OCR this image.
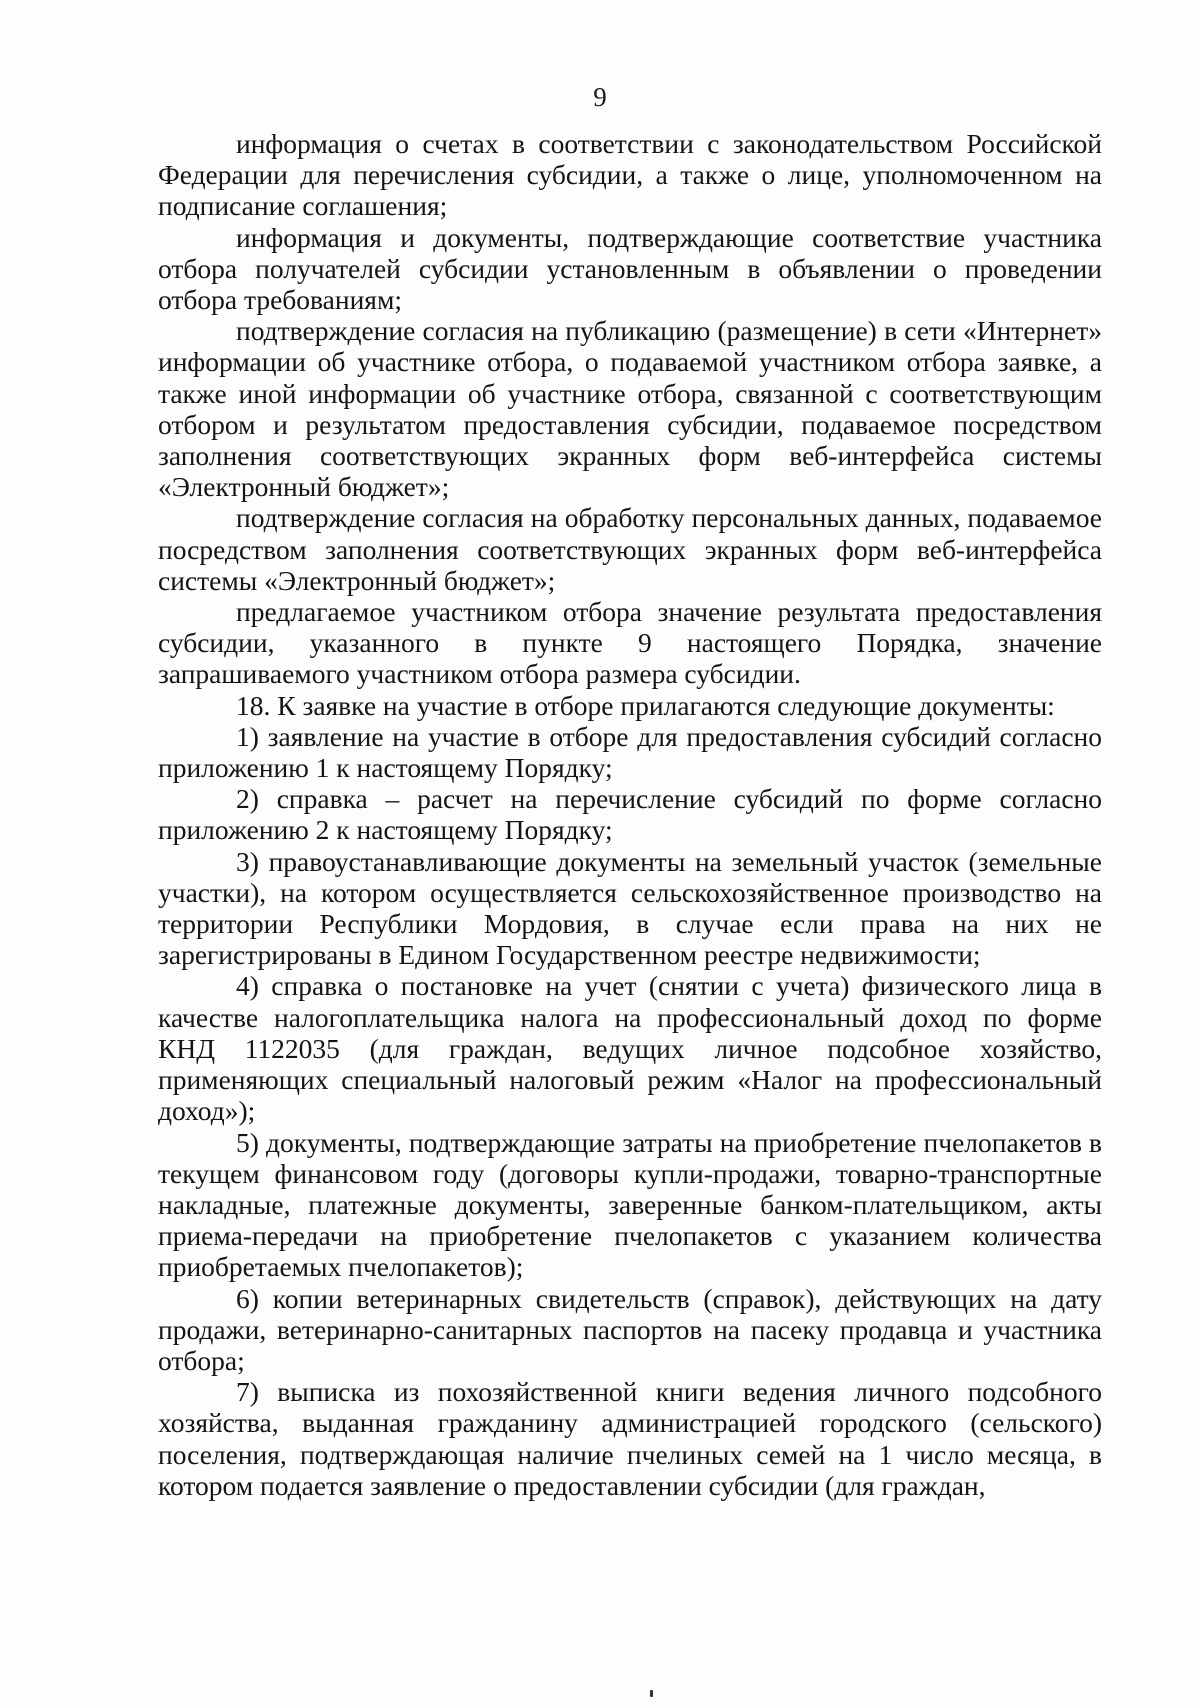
9

информация о счетах в соответствии с законодательством Российской Федерации для перечисления субсидии, а также о лице, уполномоченном на подписание соглашения;

информация и документы, подтверждающие соответствие участника отбора получателей субсидии установленным в объявлении о проведении отбора требованиям;

подтверждение согласия на публикацию (размещение) в сети «Интернет» информации об участнике отбора, о подаваемой участником отбора заявке, а также иной информации об участнике отбора, связанной с соответствующим отбором и результатом предоставления субсидии, подаваемое посредством заполнения соответствующих экранных форм веб-интерфейса системы «Электронный бюджет»;

подтверждение согласия на обработку персональных данных, подаваемое посредством заполнения соответствующих экранных форм веб-интерфейса системы «Электронный бюджет»;

предлагаемое участником отбора значение результата предоставления субсидии, указанного в пункте 9 настоящего Порядка, значение запрашиваемого участником отбора размера субсидии.

18. К заявке на участие в отборе прилагаются следующие документы:

1) заявление на участие в отборе для предоставления субсидий согласно приложению 1 к настоящему Порядку;

2) справка – расчет на перечисление субсидий по форме согласно приложению 2 к настоящему Порядку;

3) правоустанавливающие документы на земельный участок (земельные участки), на котором осуществляется сельскохозяйственное производство на территории Республики Мордовия, в случае если права на них не зарегистрированы в Едином Государственном реестре недвижимости;

4) справка о постановке на учет (снятии с учета) физического лица в качестве налогоплательщика налога на профессиональный доход по форме КНД 1122035 (для граждан, ведущих личное подсобное хозяйство, применяющих специальный налоговый режим «Налог на профессиональный доход»);

5) документы, подтверждающие затраты на приобретение пчелопакетов в текущем финансовом году (договоры купли-продажи, товарно-транспортные накладные, платежные документы, заверенные банком-плательщиком, акты приема-передачи на приобретение пчелопакетов с указанием количества приобретаемых пчелопакетов);

6) копии ветеринарных свидетельств (справок), действующих на дату продажи, ветеринарно-санитарных паспортов на пасеку продавца и участника отбора;

7) выписка из похозяйственной книги ведения личного подсобного хозяйства, выданная гражданину администрацией городского (сельского) поселения, подтверждающая наличие пчелиных семей на 1 число месяца, в котором подается заявление о предоставлении субсидии (для граждан,
